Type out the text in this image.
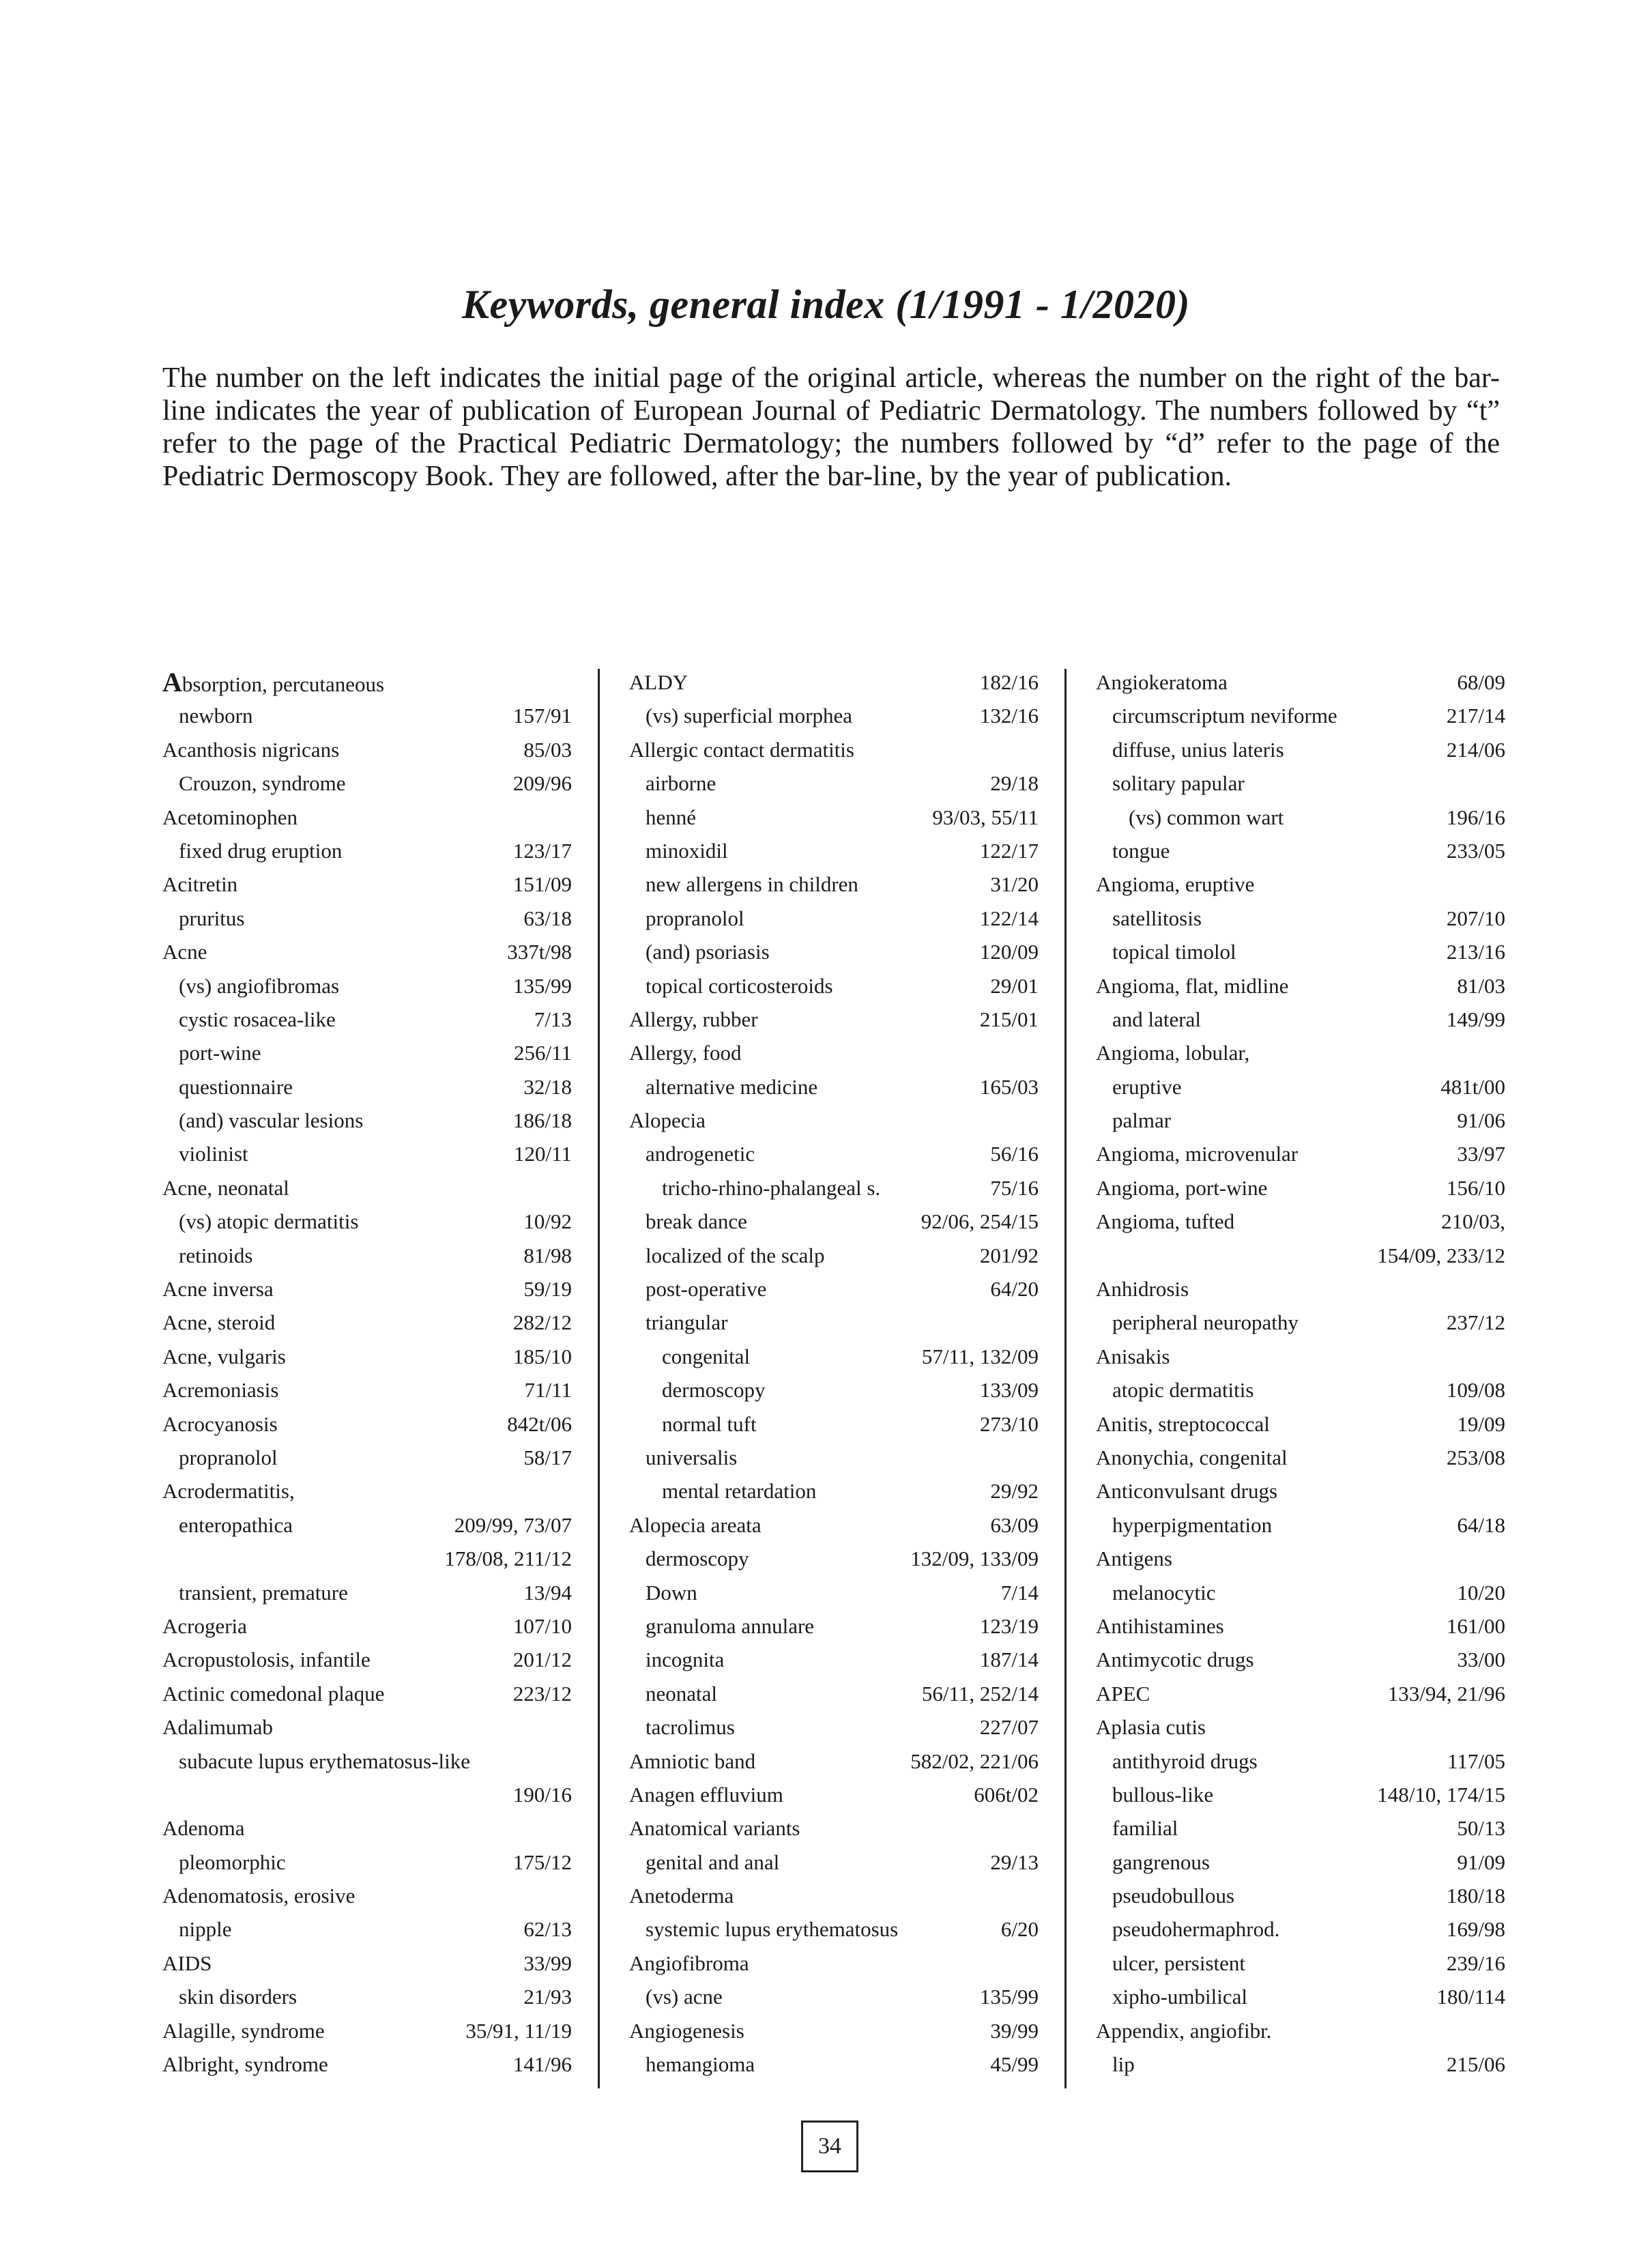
Keywords, general index (1/1991 - 1/2020)
The number on the left indicates the initial page of the original article, whereas the number on the right of the bar-line indicates the year of publication of European Journal of Pediatric Dermatology. The numbers followed by “t” refer to the page of the Practical Pediatric Dermatology; the numbers followed by “d” refer to the page of the Pediatric Dermoscopy Book. They are followed, after the bar-line, by the year of publication.
Absorption, percutaneous
newborn	157/91
Acanthosis nigricans	85/03
Crouzon, syndrome	209/96
Acetominophen
fixed drug eruption	123/17
Acitretin	151/09
pruritus	63/18
Acne	337t/98
(vs) angiofibromas	135/99
cystic rosacea-like	7/13
port-wine	256/11
questionnaire	32/18
(and) vascular lesions	186/18
violinist	120/11
Acne, neonatal
(vs) atopic dermatitis	10/92
retinoids	81/98
Acne inversa	59/19
Acne, steroid	282/12
Acne, vulgaris	185/10
Acremoniasis	71/11
Acrocyanosis	842t/06
propranolol	58/17
Acrodermatitis,
enteropathica	209/99, 73/07
178/08, 211/12
transient, premature	13/94
Acrogeria	107/10
Acropustolosis, infantile	201/12
Actinic comedonal plaque	223/12
Adalimumab
subacute lupus erythematosus-like
190/16
Adenoma
pleomorphic	175/12
Adenomatosis, erosive
nipple	62/13
AIDS	33/99
skin disorders	21/93
Alagille, syndrome	35/91, 11/19
Albright, syndrome	141/96
ALDY	182/16
(vs) superficial morphea	132/16
Allergic contact dermatitis
airborne	29/18
henné	93/03, 55/11
minoxidil	122/17
new allergens in children	31/20
propranolol	122/14
(and) psoriasis	120/09
topical corticosteroids	29/01
Allergy, rubber	215/01
Allergy, food
alternative medicine	165/03
Alopecia
androgenetic	56/16
tricho-rhino-phalangeal s.	75/16
break dance	92/06, 254/15
localized of the scalp	201/92
post-operative	64/20
triangular
congenital	57/11, 132/09
dermoscopy	133/09
normal tuft	273/10
universalis
mental retardation	29/92
Alopecia areata	63/09
dermoscopy	132/09, 133/09
Down	7/14
granuloma annulare	123/19
incognita	187/14
neonatal	56/11, 252/14
tacrolimus	227/07
Amniotic band	582/02, 221/06
Anagen effluvium	606t/02
Anatomical variants
genital and anal	29/13
Anetoderma
systemic lupus erythematosus	6/20
Angiofibroma
(vs) acne	135/99
Angiogenesis	39/99
hemangioma	45/99
Angiokeratoma	68/09
circumscriptum neviforme	217/14
diffuse, unius lateris	214/06
solitary papular
(vs) common wart	196/16
tongue	233/05
Angioma, eruptive
satellitosis	207/10
topical timolol	213/16
Angioma, flat, midline	81/03
and lateral	149/99
Angioma, lobular,
eruptive	481t/00
palmar	91/06
Angioma, microvenular	33/97
Angioma, port-wine	156/10
Angioma, tufted	210/03,
154/09, 233/12
Anhidrosis
peripheral neuropathy	237/12
Anisakis
atopic dermatitis	109/08
Anitis, streptococcal	19/09
Anonychia, congenital	253/08
Anticonvulsant drugs
hyperpigmentation	64/18
Antigens
melanocytic	10/20
Antihistamines	161/00
Antimycotic drugs	33/00
APEC	133/94, 21/96
Aplasia cutis
antithyroid drugs	117/05
bullous-like	148/10, 174/15
familial	50/13
gangrenous	91/09
pseudobullous	180/18
pseudohermaphrod.	169/98
ulcer, persistent	239/16
xipho-umbilical	180/114
Appendix, angiofibr.
lip	215/06
34
